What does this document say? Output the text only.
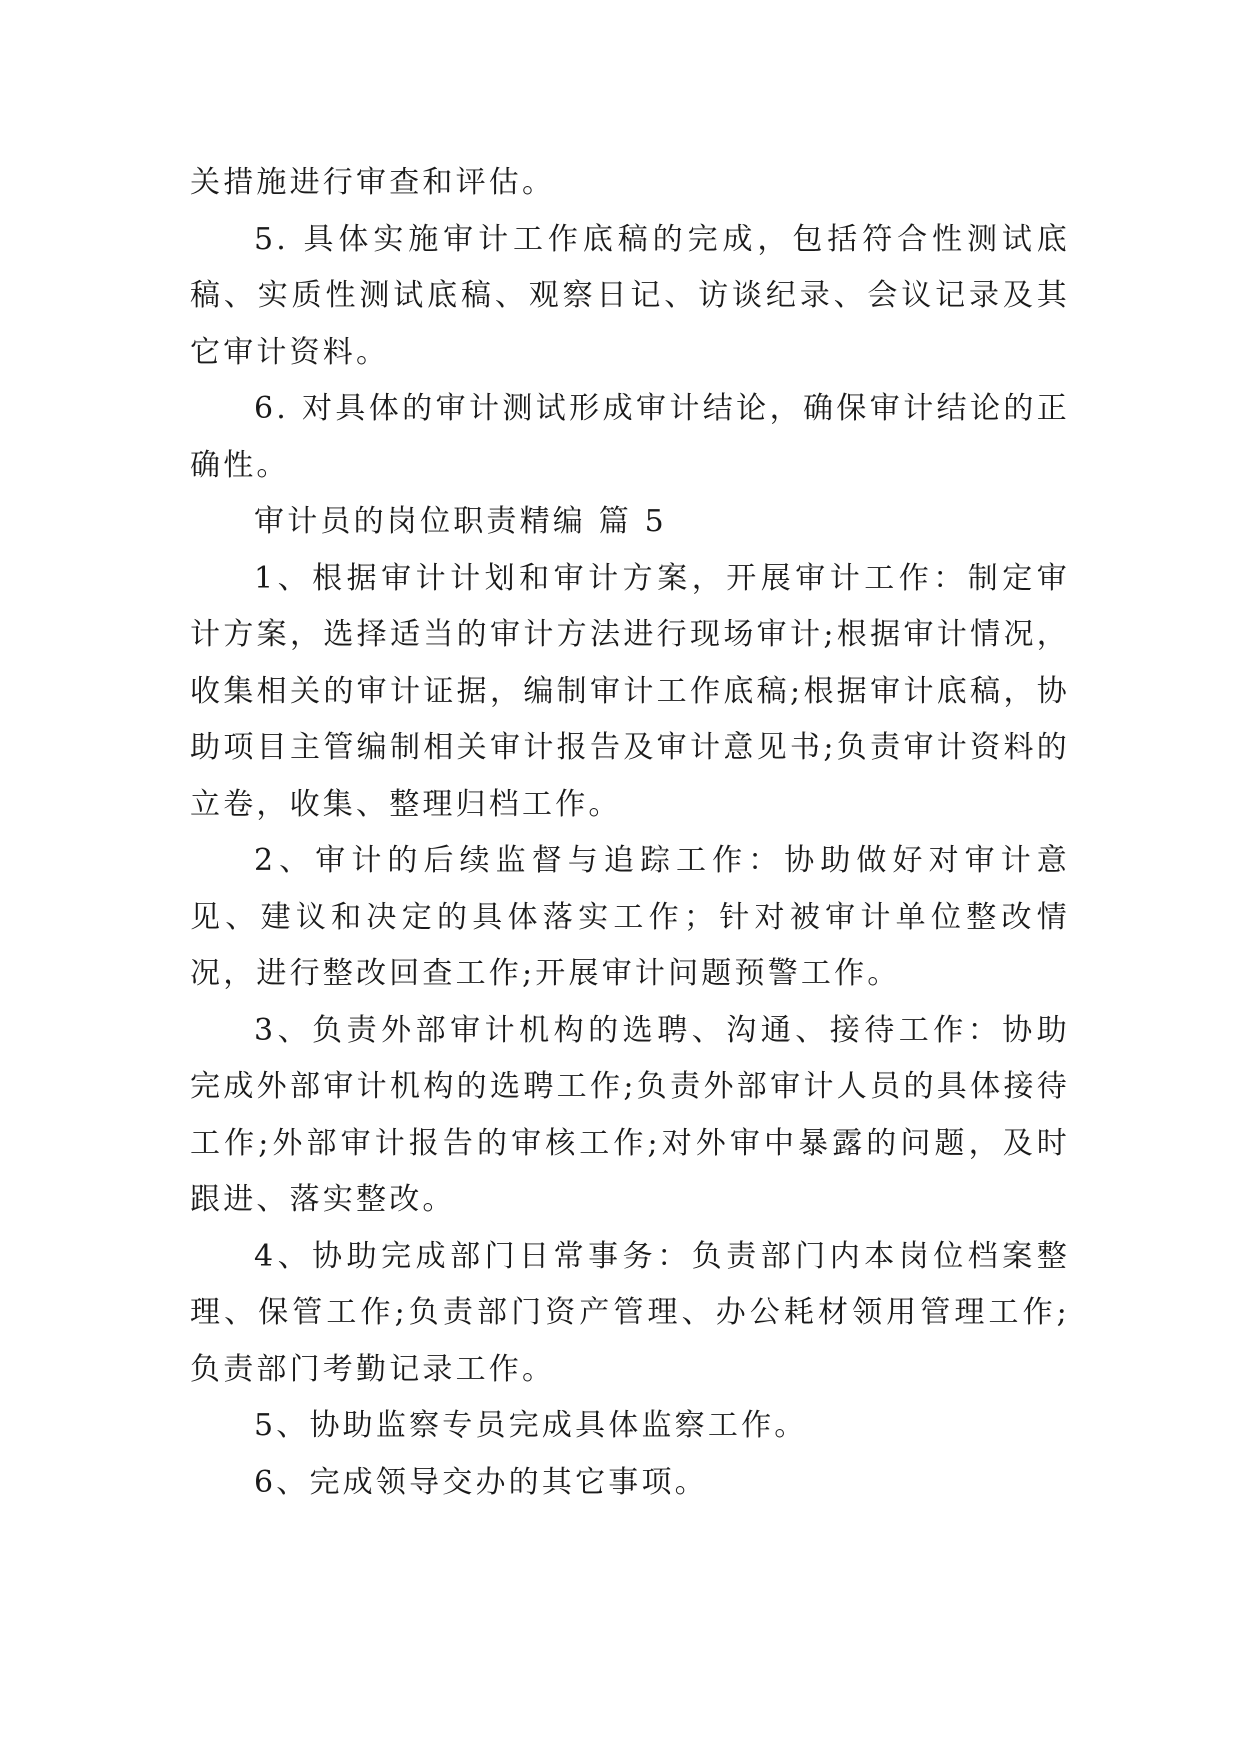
关措施进行审查和评估。

5. 具体实施审计工作底稿的完成，包括符合性测试底稿、实质性测试底稿、观察日记、访谈纪录、会议记录及其它审计资料。

6. 对具体的审计测试形成审计结论，确保审计结论的正确性。

审计员的岗位职责精编 篇 5

1、根据审计计划和审计方案，开展审计工作：制定审计方案，选择适当的审计方法进行现场审计;根据审计情况，收集相关的审计证据，编制审计工作底稿;根据审计底稿，协助项目主管编制相关审计报告及审计意见书;负责审计资料的立卷，收集、整理归档工作。

2、审计的后续监督与追踪工作：协助做好对审计意见、建议和决定的具体落实工作；针对被审计单位整改情况，进行整改回查工作;开展审计问题预警工作。

3、负责外部审计机构的选聘、沟通、接待工作：协助完成外部审计机构的选聘工作;负责外部审计人员的具体接待工作;外部审计报告的审核工作;对外审中暴露的问题，及时跟进、落实整改。

4、协助完成部门日常事务：负责部门内本岗位档案整理、保管工作;负责部门资产管理、办公耗材领用管理工作;负责部门考勤记录工作。

5、协助监察专员完成具体监察工作。

6、完成领导交办的其它事项。
